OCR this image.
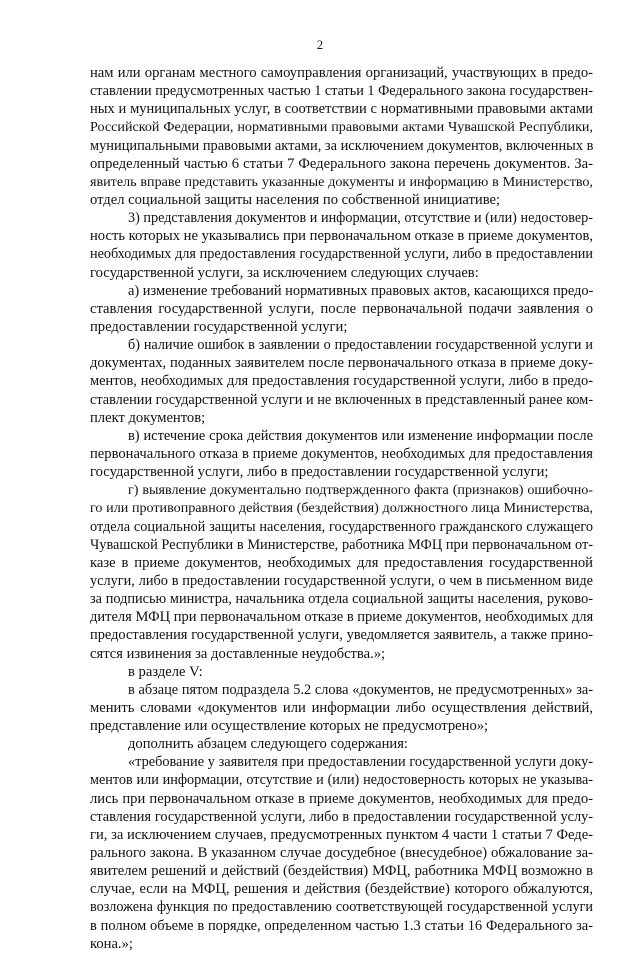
2
нам или органам местного самоуправления организаций, участвующих в предо-
ставлении предусмотренных частью 1 статьи 1 Федерального закона государствен-
ных и муниципальных услуг, в соответствии с нормативными правовыми актами
Российской Федерации, нормативными правовыми актами Чувашской Республики,
муниципальными правовыми актами, за исключением документов, включенных в
определенный частью 6 статьи 7 Федерального закона перечень документов. За-
явитель вправе представить указанные документы и информацию в Министерство,
отдел социальной защиты населения по собственной инициативе;
3) представления документов и информации, отсутствие и (или) недостовер-
ность которых не указывались при первоначальном отказе в приеме документов,
необходимых для предоставления государственной услуги, либо в предоставлении
государственной услуги, за исключением следующих случаев:
а) изменение требований нормативных правовых актов, касающихся предо-
ставления государственной услуги, после первоначальной подачи заявления о
предоставлении государственной услуги;
б) наличие ошибок в заявлении о предоставлении государственной услуги и
документах, поданных заявителем после первоначального отказа в приеме доку-
ментов, необходимых для предоставления государственной услуги, либо в предо-
ставлении государственной услуги и не включенных в представленный ранее ком-
плект документов;
в) истечение срока действия документов или изменение информации после
первоначального отказа в приеме документов, необходимых для предоставления
государственной услуги, либо в предоставлении государственной услуги;
г) выявление документально подтвержденного факта (признаков) ошибочно-
го или противоправного действия (бездействия) должностного лица Министерства,
отдела социальной защиты населения, государственного гражданского служащего
Чувашской Республики в Министерстве, работника МФЦ при первоначальном от-
казе в приеме документов, необходимых для предоставления государственной
услуги, либо в предоставлении государственной услуги, о чем в письменном виде
за подписью министра, начальника отдела социальной защиты населения, руково-
дителя МФЦ при первоначальном отказе в приеме документов, необходимых для
предоставления государственной услуги, уведомляется заявитель, а также прино-
сятся извинения за доставленные неудобства.»;
в разделе V:
в абзаце пятом подраздела 5.2 слова «документов, не предусмотренных» за-
менить словами «документов или информации либо осуществления действий,
представление или осуществление которых не предусмотрено»;
дополнить абзацем следующего содержания:
«требование у заявителя при предоставлении государственной услуги доку-
ментов или информации, отсутствие и (или) недостоверность которых не указыва-
лись при первоначальном отказе в приеме документов, необходимых для предо-
ставления государственной услуги, либо в предоставлении государственной услу-
ги, за исключением случаев, предусмотренных пунктом 4 части 1 статьи 7 Феде-
рального закона. В указанном случае досудебное (внесудебное) обжалование за-
явителем решений и действий (бездействия) МФЦ, работника МФЦ возможно в
случае, если на МФЦ, решения и действия (бездействие) которого обжалуются,
возложена функция по предоставлению соответствующей государственной услуги
в полном объеме в порядке, определенном частью 1.3 статьи 16 Федерального за-
кона.»;
